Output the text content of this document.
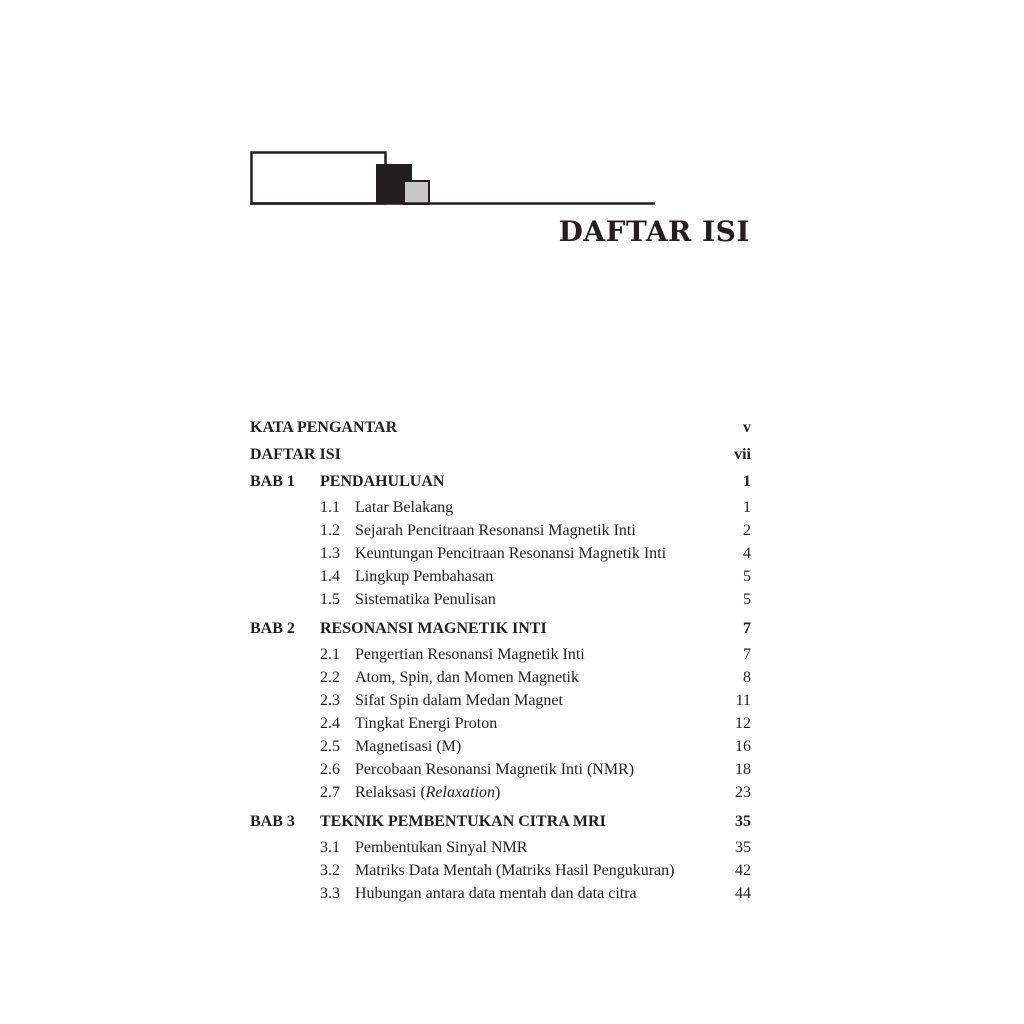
DAFTAR ISI
KATA PENGANTAR	v
DAFTAR ISI	vii
BAB 1	PENDAHULUAN	1
1.1 Latar Belakang	1
1.2 Sejarah Pencitraan Resonansi Magnetik Inti	2
1.3 Keuntungan Pencitraan Resonansi Magnetik Inti	4
1.4 Lingkup Pembahasan	5
1.5 Sistematika Penulisan	5
BAB 2	RESONANSI MAGNETIK INTI	7
2.1 Pengertian Resonansi Magnetik Inti	7
2.2 Atom, Spin, dan Momen Magnetik	8
2.3 Sifat Spin dalam Medan Magnet	11
2.4 Tingkat Energi Proton	12
2.5 Magnetisasi (M)	16
2.6 Percobaan Resonansi Magnetik Inti (NMR)	18
2.7 Relaksasi (Relaxation)	23
BAB 3	TEKNIK PEMBENTUKAN CITRA MRI	35
3.1 Pembentukan Sinyal NMR	35
3.2 Matriks Data Mentah (Matriks Hasil Pengukuran)	42
3.3 Hubungan antara data mentah dan data citra	44
